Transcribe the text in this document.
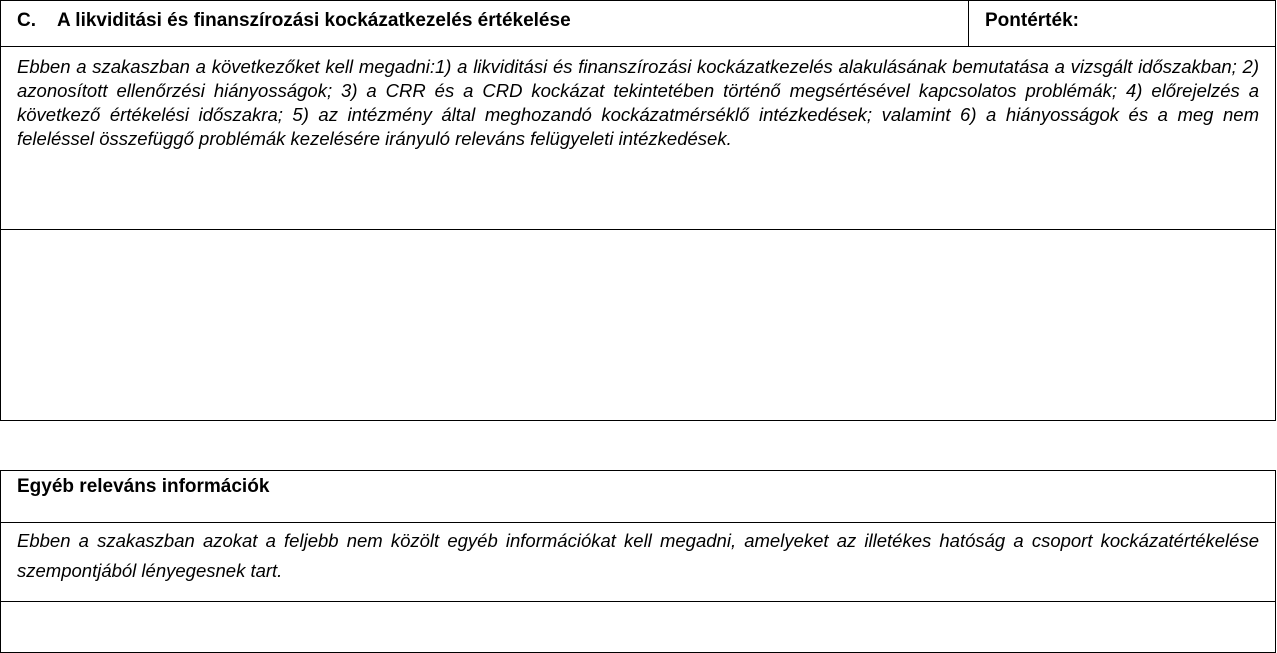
C. A likviditási és finanszírozási kockázatkezelés értékelése	Pontérték:
Ebben a szakaszban a következőket kell megadni:1) a likviditási és finanszírozási kockázatkezelés alakulásának bemutatása a vizsgált időszakban; 2) azonosított ellenőrzési hiányosságok; 3) a CRR és a CRD kockázat tekintetében történő megsértésével kapcsolatos problémák; 4) előrejelzés a következő értékelési időszakra; 5) az intézmény által meghozandó kockázatmérséklő intézkedések; valamint 6) a hiányosságok és a meg nem feleléssel összefüggő problémák kezelésére irányuló releváns felügyeleti intézkedések.
Egyéb releváns információk
Ebben a szakaszban azokat a feljebb nem közölt egyéb információkat kell megadni, amelyeket az illetékes hatóság a csoport kockázatértékelése szempontjából lényegesnek tart.
